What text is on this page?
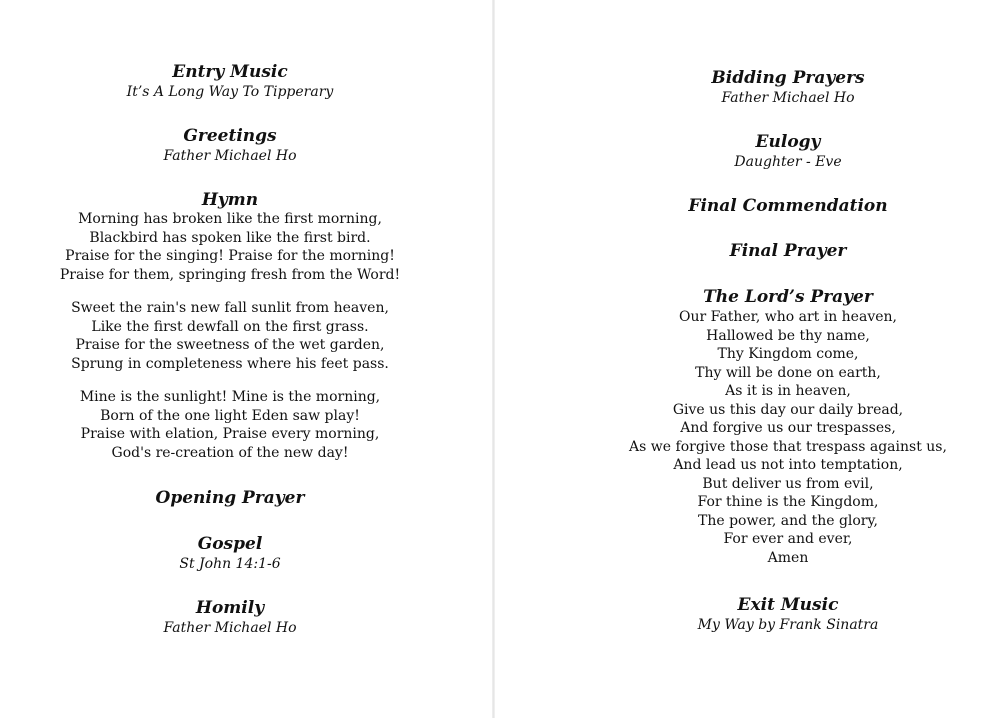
Entry Music
It’s A Long Way To Tipperary
Greetings
Father Michael Ho
Hymn
Morning has broken like the first morning,
Blackbird has spoken like the first bird.
Praise for the singing! Praise for the morning!
Praise for them, springing fresh from the Word!
Sweet the rain's new fall sunlit from heaven,
Like the first dewfall on the first grass.
Praise for the sweetness of the wet garden,
Sprung in completeness where his feet pass.
Mine is the sunlight! Mine is the morning,
Born of the one light Eden saw play!
Praise with elation, Praise every morning,
God's re-creation of the new day!
Opening Prayer
Gospel
St John 14:1-6
Homily
Father Michael Ho
Bidding Prayers
Father Michael Ho
Eulogy
Daughter - Eve
Final Commendation
Final Prayer
The Lord’s Prayer
Our Father, who art in heaven,
Hallowed be thy name,
Thy Kingdom come,
Thy will be done on earth,
As it is in heaven,
Give us this day our daily bread,
And forgive us our trespasses,
As we forgive those that trespass against us,
And lead us not into temptation,
But deliver us from evil,
For thine is the Kingdom,
The power, and the glory,
For ever and ever,
Amen
Exit Music
My Way by Frank Sinatra
